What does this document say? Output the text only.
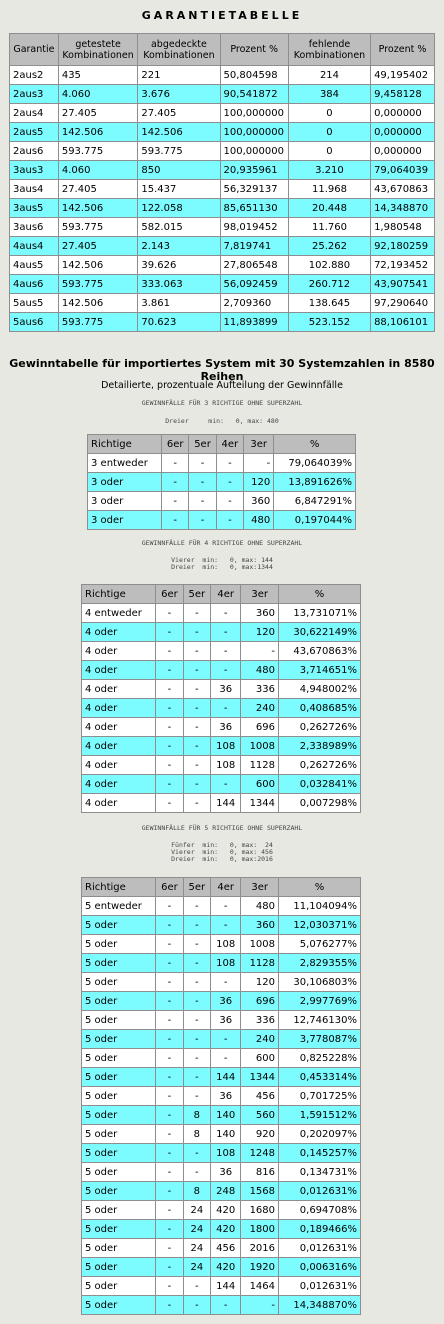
GARANTIETABELLE
Garantie	getestete Kombinationen	abgedeckte Kombinationen	Prozent %	fehlende Kombinationen	Prozent %
2aus2	435	221	50,804598	214	49,195402
2aus3	4.060	3.676	90,541872	384	9,458128
2aus4	27.405	27.405	100,000000	0	0,000000
2aus5	142.506	142.506	100,000000	0	0,000000
2aus6	593.775	593.775	100,000000	0	0,000000
3aus3	4.060	850	20,935961	3.210	79,064039
3aus4	27.405	15.437	56,329137	11.968	43,670863
3aus5	142.506	122.058	85,651130	20.448	14,348870
3aus6	593.775	582.015	98,019452	11.760	1,980548
4aus4	27.405	2.143	7,819741	25.262	92,180259
4aus5	142.506	39.626	27,806548	102.880	72,193452
4aus6	593.775	333.063	56,092459	260.712	43,907541
5aus5	142.506	3.861	2,709360	138.645	97,290640
5aus6	593.775	70.623	11,893899	523.152	88,106101
Gewinntabelle für importiertes System mit 30 Systemzahlen in 8580 Reihen
Detailierte, prozentuale Aufteilung der Gewinnfälle
GEWINNFÄLLE FÜR 3 RICHTIGE OHNE SUPERZAHL
Dreier     min:   0, max: 480
Richtige	6er	5er	4er	3er	%
3 entweder	-	-	-	-	79,064039%
3 oder	-	-	-	120	13,891626%
3 oder	-	-	-	360	6,847291%
3 oder	-	-	-	480	0,197044%
GEWINNFÄLLE FÜR 4 RICHTIGE OHNE SUPERZAHL
Vierer  min:   0, max: 144
Dreier  min:   0, max:1344
Richtige	6er	5er	4er	3er	%
4 entweder	-	-	-	360	13,731071%
4 oder	-	-	-	120	30,622149%
4 oder	-	-	-	-	43,670863%
4 oder	-	-	-	480	3,714651%
4 oder	-	-	36	336	4,948002%
4 oder	-	-	-	240	0,408685%
4 oder	-	-	36	696	0,262726%
4 oder	-	-	108	1008	2,338989%
4 oder	-	-	108	1128	0,262726%
4 oder	-	-	-	600	0,032841%
4 oder	-	-	144	1344	0,007298%
GEWINNFÄLLE FÜR 5 RICHTIGE OHNE SUPERZAHL
Fünfer  min:   0, max:  24
Vierer  min:   0, max: 456
Dreier  min:   0, max:2016
Richtige	6er	5er	4er	3er	%
5 entweder	-	-	-	480	11,104094%
5 oder	-	-	-	360	12,030371%
5 oder	-	-	108	1008	5,076277%
5 oder	-	-	108	1128	2,829355%
5 oder	-	-	-	120	30,106803%
5 oder	-	-	36	696	2,997769%
5 oder	-	-	36	336	12,746130%
5 oder	-	-	-	240	3,778087%
5 oder	-	-	-	600	0,825228%
5 oder	-	-	144	1344	0,453314%
5 oder	-	-	36	456	0,701725%
5 oder	-	8	140	560	1,591512%
5 oder	-	8	140	920	0,202097%
5 oder	-	-	108	1248	0,145257%
5 oder	-	-	36	816	0,134731%
5 oder	-	8	248	1568	0,012631%
5 oder	-	24	420	1680	0,694708%
5 oder	-	24	420	1800	0,189466%
5 oder	-	24	456	2016	0,012631%
5 oder	-	24	420	1920	0,006316%
5 oder	-	-	144	1464	0,012631%
5 oder	-	-	-	-	14,348870%
